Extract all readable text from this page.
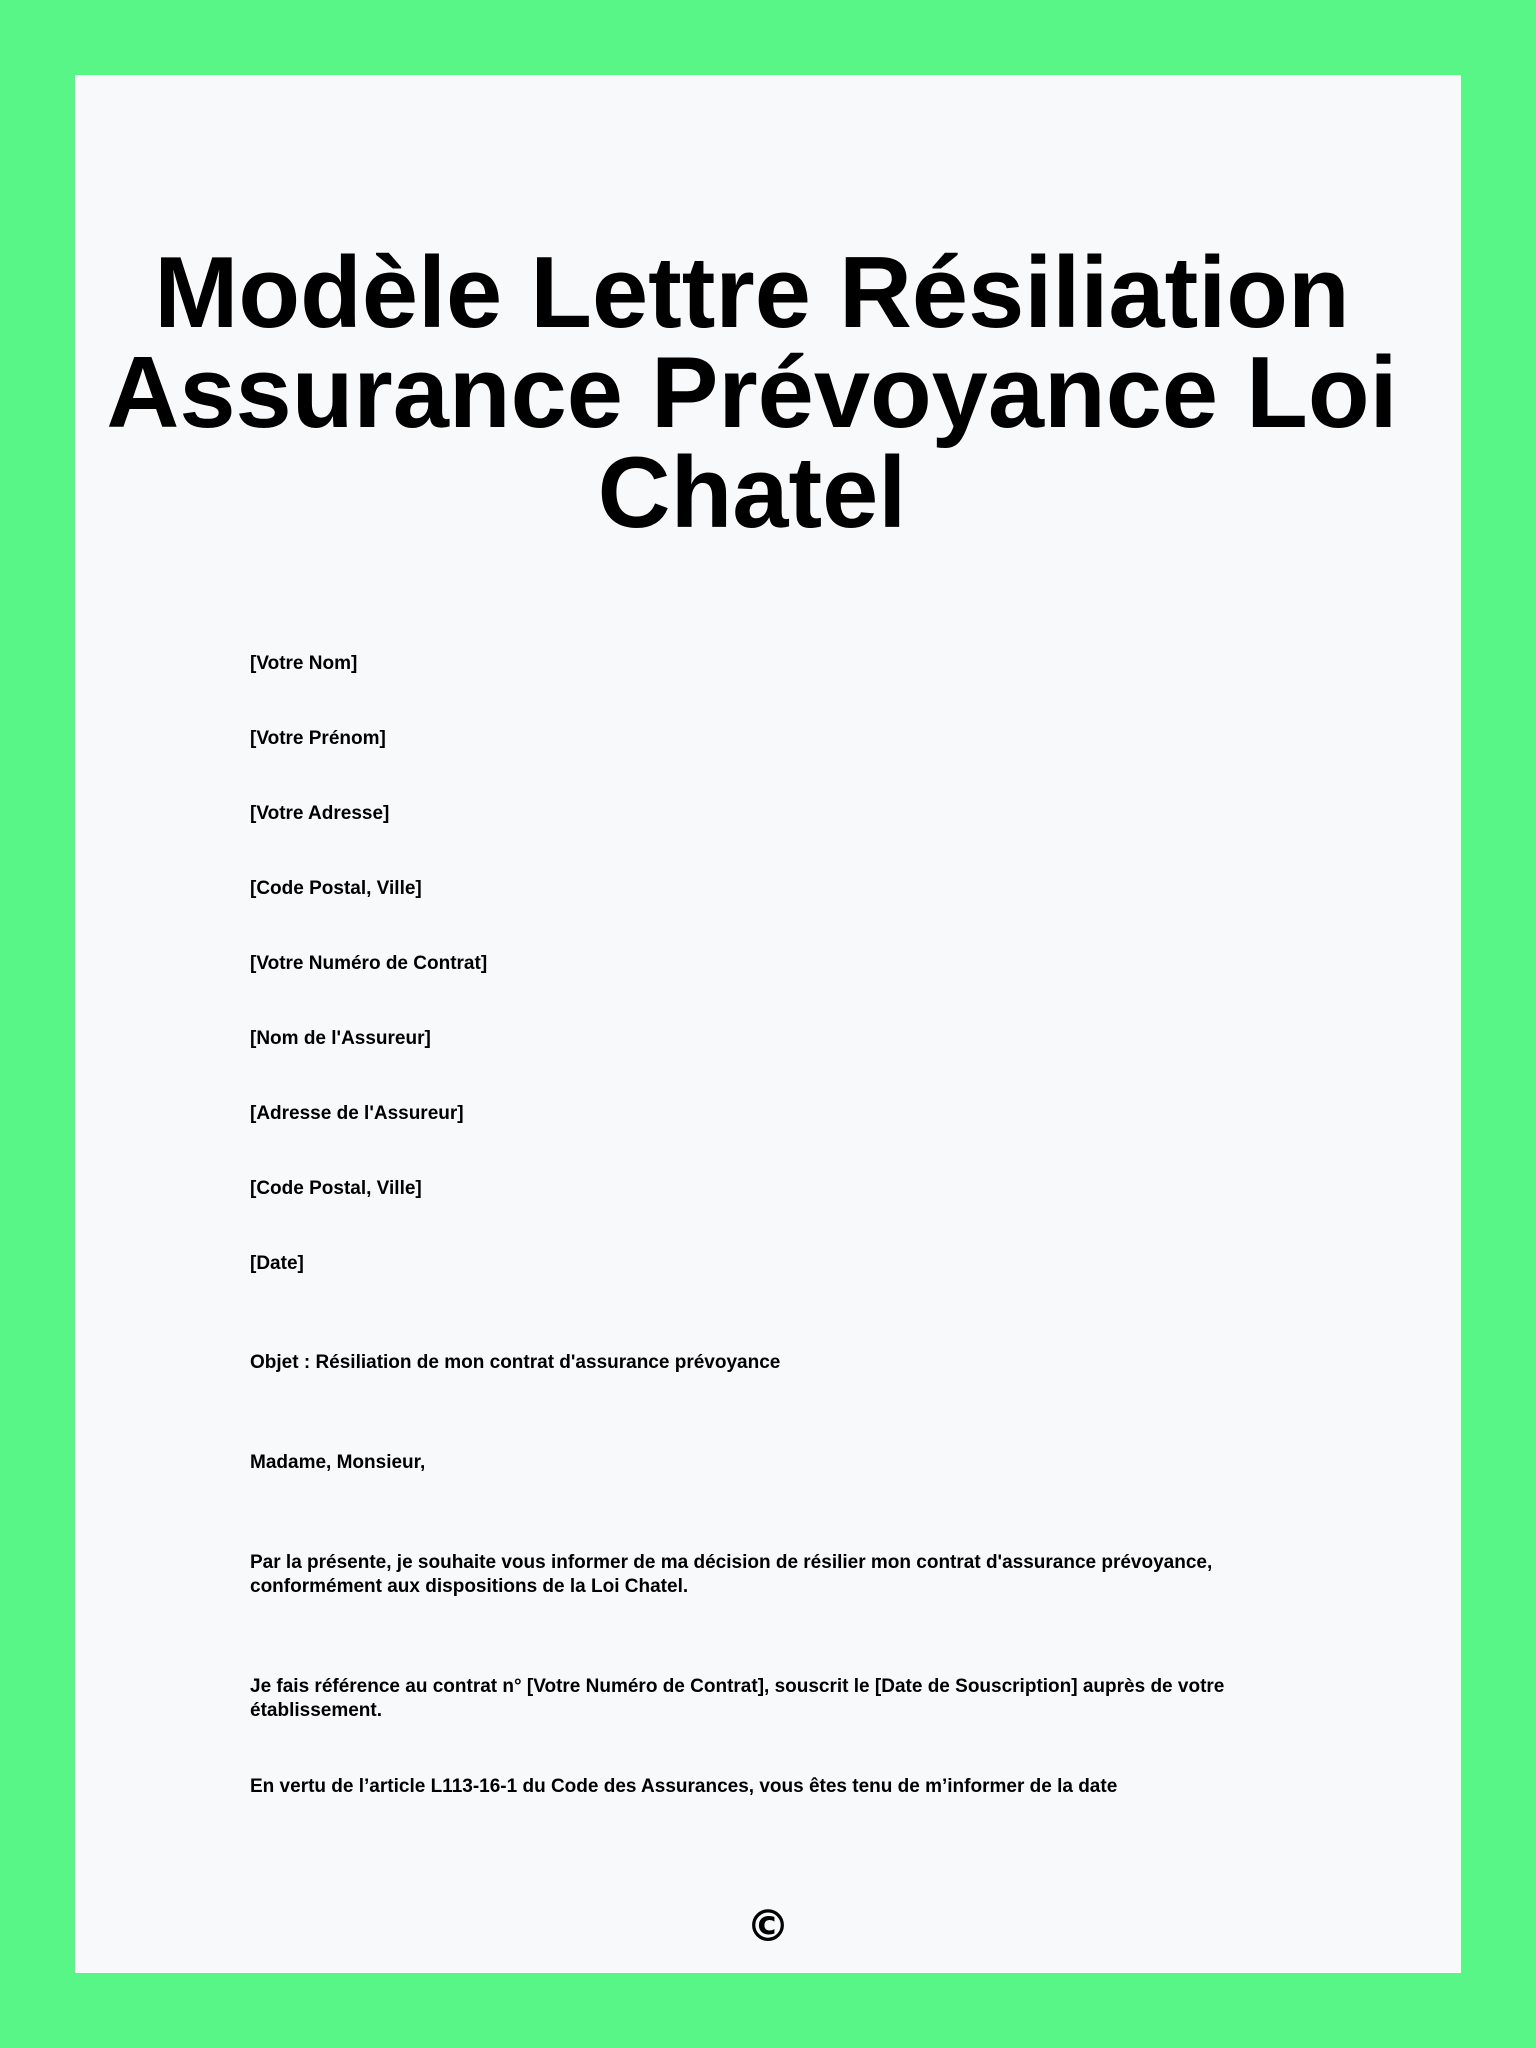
Modèle Lettre Résiliation Assurance Prévoyance Loi Chatel

[Votre Nom]

[Votre Prénom]

[Votre Adresse]

[Code Postal, Ville]

[Votre Numéro de Contrat]

[Nom de l'Assureur]

[Adresse de l'Assureur]

[Code Postal, Ville]

[Date]

Objet : Résiliation de mon contrat d'assurance prévoyance

Madame, Monsieur,

Par la présente, je souhaite vous informer de ma décision de résilier mon contrat d'assurance prévoyance, conformément aux dispositions de la Loi Chatel.

Je fais référence au contrat n° [Votre Numéro de Contrat], souscrit le [Date de Souscription] auprès de votre établissement.

En vertu de l’article L113-16-1 du Code des Assurances, vous êtes tenu de m’informer de la date

©
